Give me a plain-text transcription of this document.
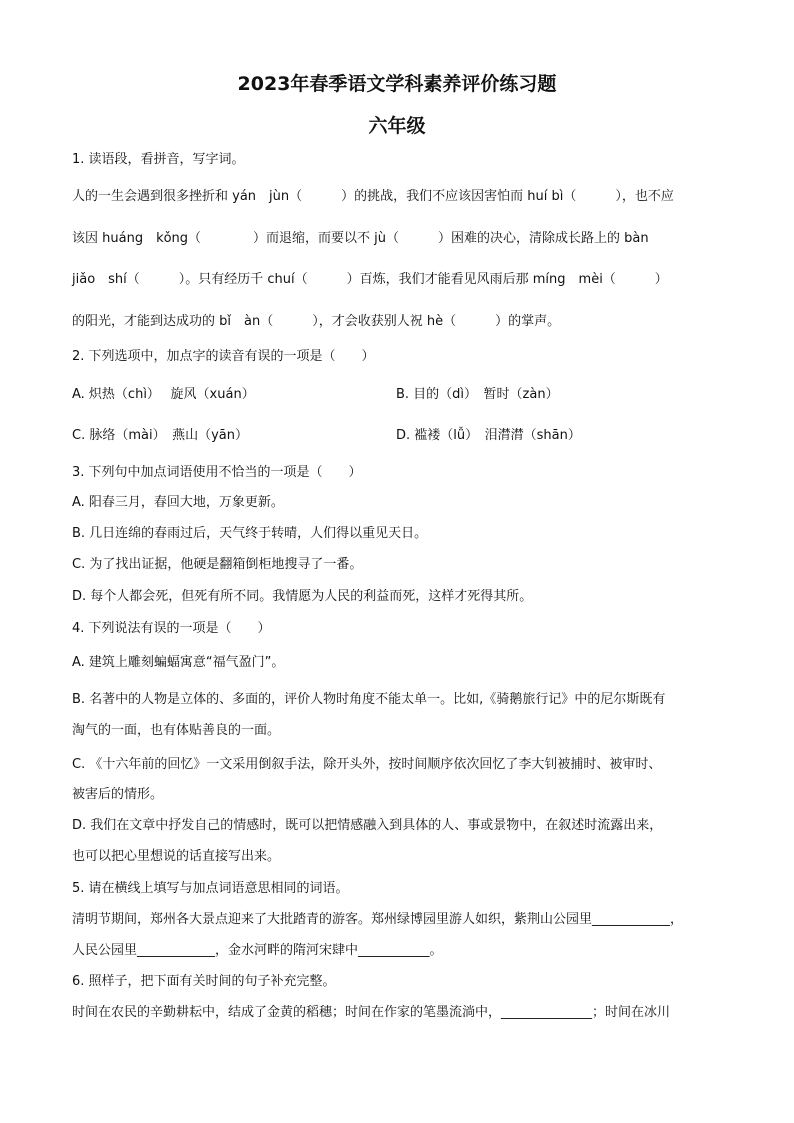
2023年春季语文学科素养评价练习题
六年级
1. 读语段，看拼音，写字词。
人的一生会遇到很多挫折和 yán　jùn（　　　）的挑战，我们不应该因害怕而 huí bì（　　　），也不应
该因 huáng　kǒng（　　　　）而退缩，而要以不 jù（　　　）困难的决心，清除成长路上的 bàn
jiǎo　shí（　　　）。只有经历千 chuí（　　　）百炼，我们才能看见风雨后那 míng　mèi（　　　）
的阳光，才能到达成功的 bǐ　àn（　　　），才会收获别人祝 hè（　　　）的掌声。
2. 下列选项中，加点字的读音有误的一项是（　　）
A. 炽热（chì）　 旋风（xuán）	B. 目的（dì）　暂时（zàn）
C. 脉络（mài）　燕山（yān）	D. 褴褛（lǚ）　泪潸潸（shān）
3. 下列句中加点词语使用不恰当的一项是（　　）
A. 阳春三月，春回大地，万象更新。
B. 几日连绵的春雨过后，天气终于转晴，人们得以重见天日。
C. 为了找出证据，他硬是翻箱倒柜地搜寻了一番。
D. 每个人都会死，但死有所不同。我情愿为人民的利益而死，这样才死得其所。
4. 下列说法有误的一项是（　　）
A. 建筑上雕刻蝙蝠寓意“福气盈门”。
B. 名著中的人物是立体的、多面的，评价人物时角度不能太单一。比如,《骑鹅旅行记》中的尼尔斯既有
淘气的一面，也有体贴善良的一面。
C. 《十六年前的回忆》一文采用倒叙手法，除开头外，按时间顺序依次回忆了李大钊被捕时、被审时、
被害后的情形。
D. 我们在文章中抒发自己的情感时，既可以把情感融入到具体的人、事或景物中，在叙述时流露出来，
也可以把心里想说的话直接写出来。
5. 请在横线上填写与加点词语意思相同的词语。
清明节期间，郑州各大景点迎来了大批踏青的游客。郑州绿博园里游人如织，紫荆山公园里____________，
人民公园里____________，金水河畔的隋河宋肆中___________。
6. 照样子，把下面有关时间的句子补充完整。
时间在农民的辛勤耕耘中，结成了金黄的稻穗；时间在作家的笔墨流淌中，______________；时间在冰川
